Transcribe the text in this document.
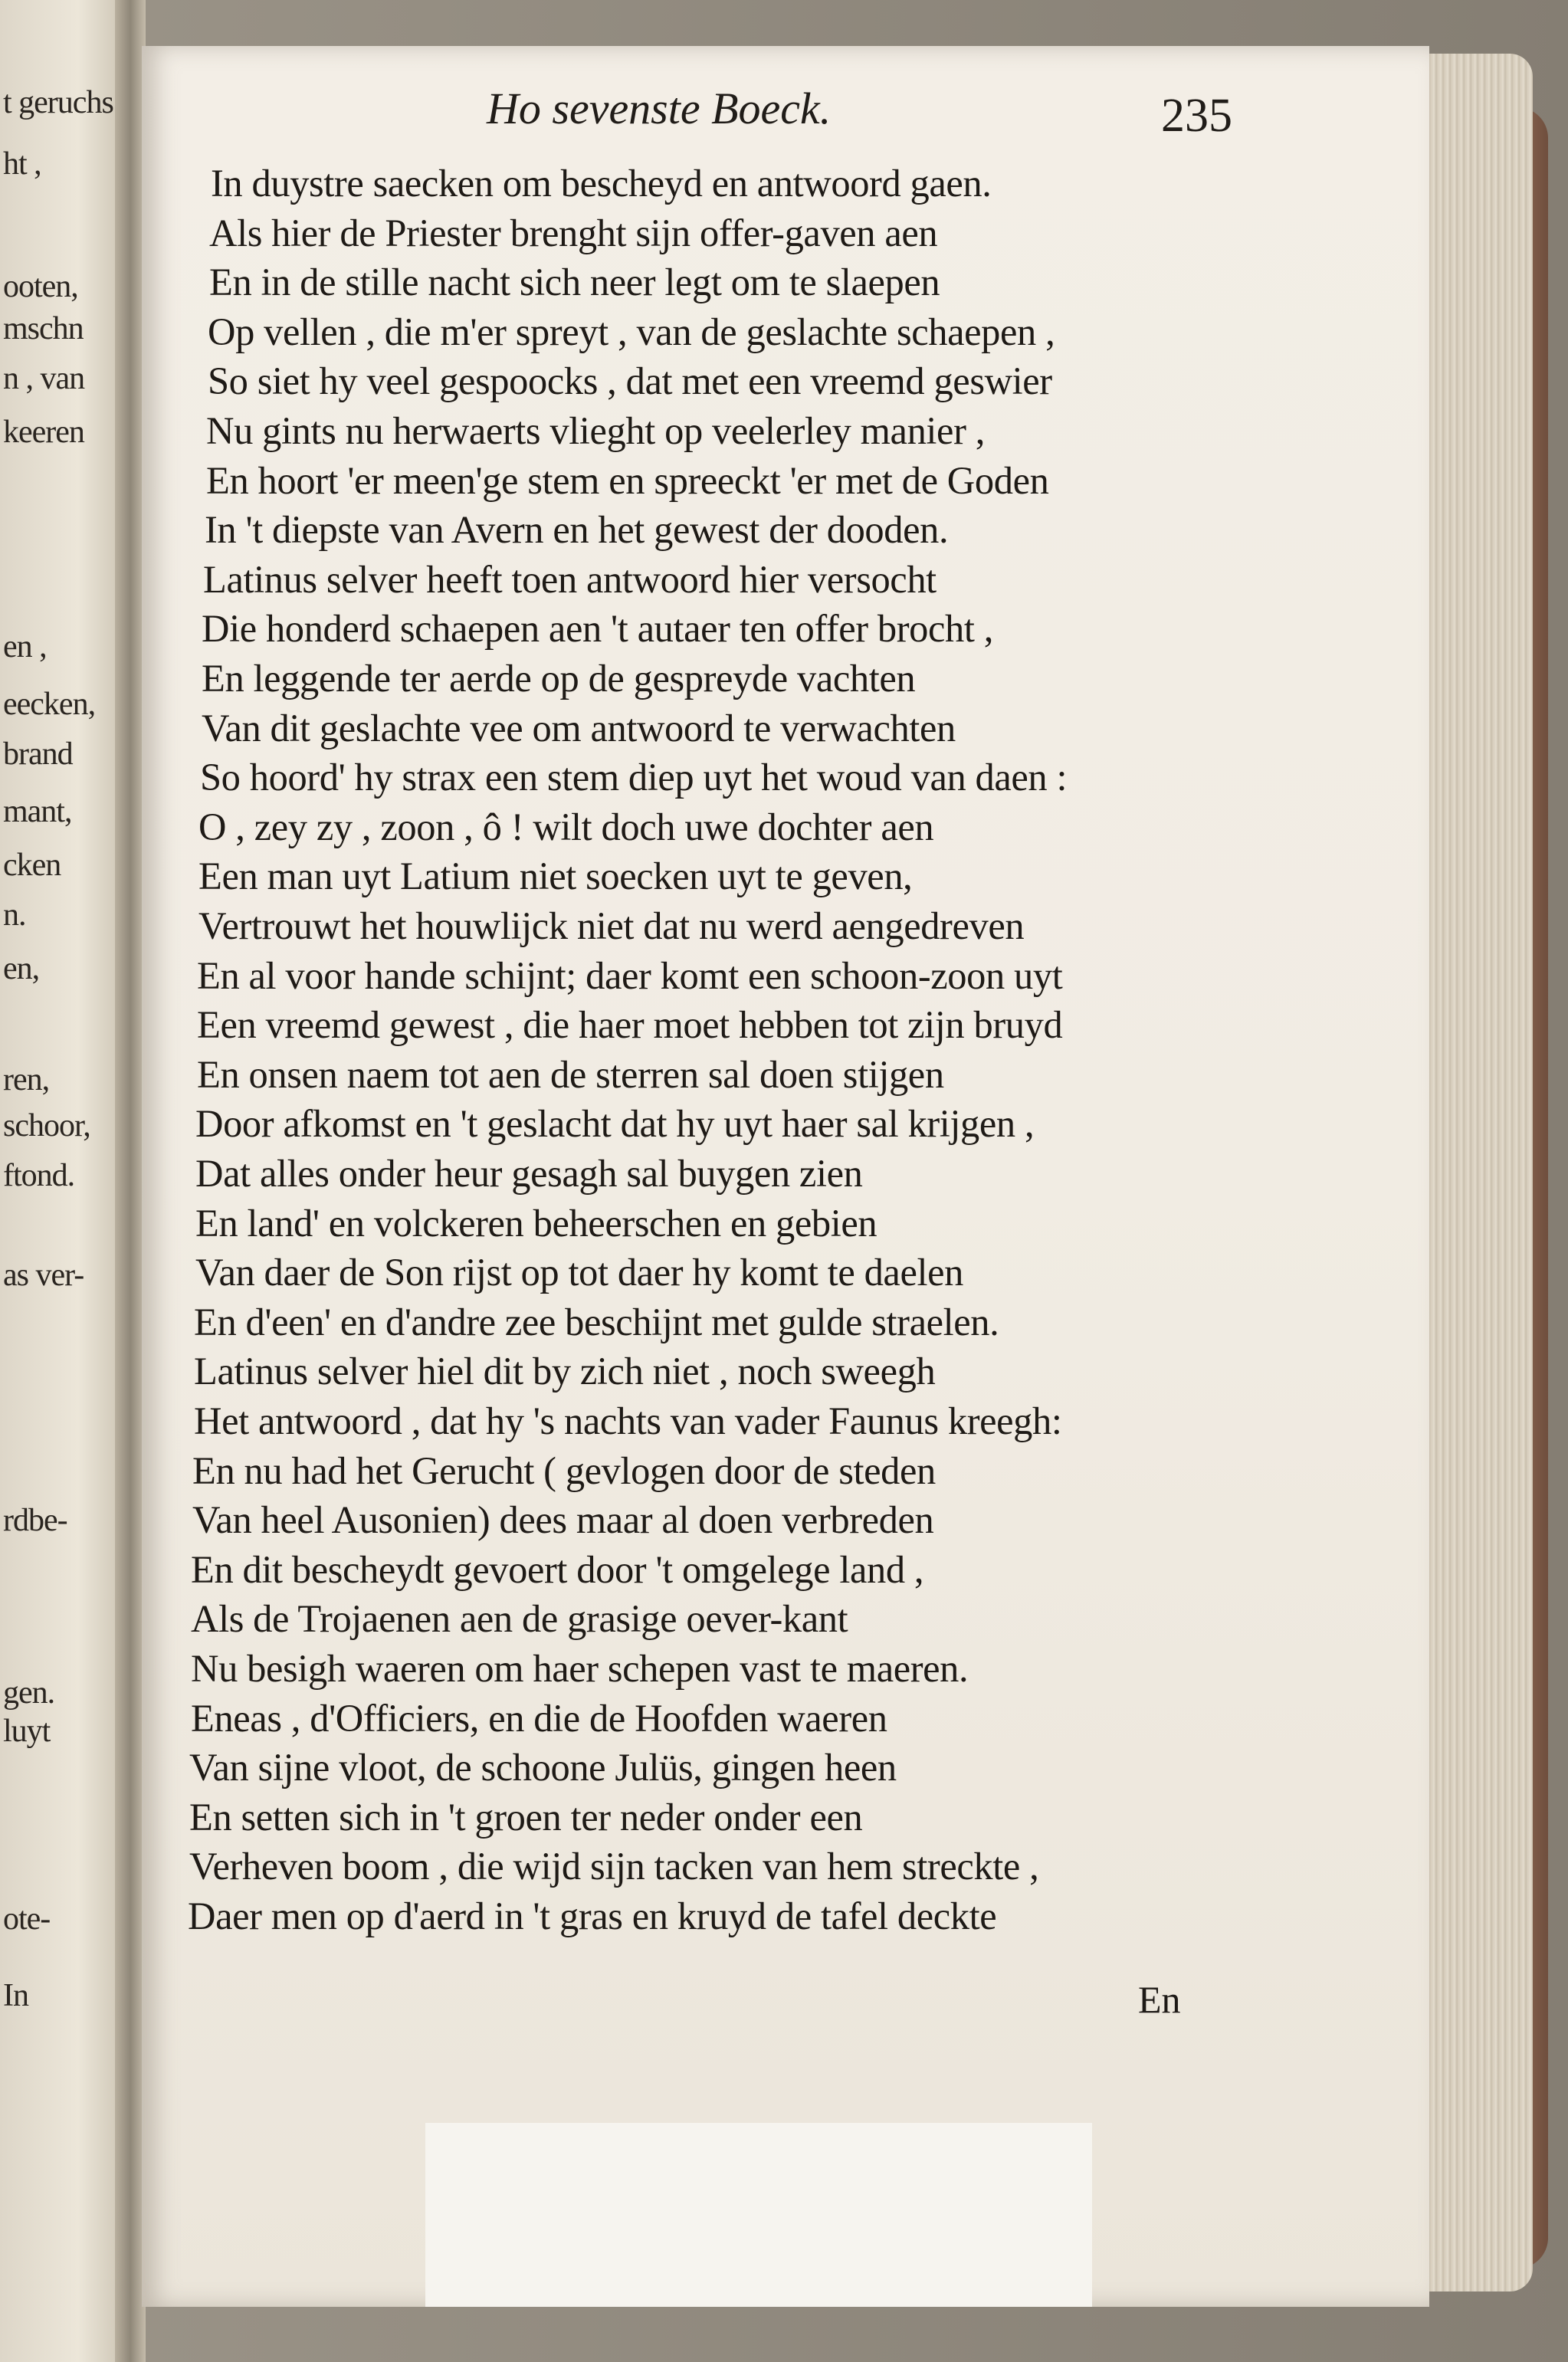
t geruchs
ht ,
ooten,
mschn
n , van
keeren
en ,
eecken,
brand
mant,
cken
n.
en,
ren,
schoor,
ftond.
as ver-
rdbe-
gen.
luyt
ote-
In
Ho sevenste Boeck.	235
In duystre saecken om bescheyd en antwoord gaen.
Als hier de Priester brenght sijn offer-gaven aen
En in de stille nacht sich neer legt om te slaepen
Op vellen , die m'er spreyt , van de geslachte schaepen ,
So siet hy veel gespoocks , dat met een vreemd geswier
Nu gints nu herwaerts vlieght op veelerley manier ,
En hoort 'er meen'ge stem en spreeckt 'er met de Goden
In 't diepste van Avern en het gewest der dooden.
Latinus selver heeft toen antwoord hier versocht
Die honderd schaepen aen 't autaer ten offer brocht ,
En leggende ter aerde op de gespreyde vachten
Van dit geslachte vee om antwoord te verwachten
So hoord' hy strax een stem diep uyt het woud van daen :
O , zey zy , zoon , ô ! wilt doch uwe dochter aen
Een man uyt Latium niet soecken uyt te geven,
Vertrouwt het houwlijck niet dat nu werd aengedreven
En al voor hande schijnt; daer komt een schoon-zoon uyt
Een vreemd gewest , die haer moet hebben tot zijn bruyd
En onsen naem tot aen de sterren sal doen stijgen
Door afkomst en 't geslacht dat hy uyt haer sal krijgen ,
Dat alles onder heur gesagh sal buygen zien
En land' en volckeren beheerschen en gebien
Van daer de Son rijst op tot daer hy komt te daelen
En d'een' en d'andre zee beschijnt met gulde straelen.
Latinus selver hiel dit by zich niet , noch sweegh
Het antwoord , dat hy 's nachts van vader Faunus kreegh:
En nu had het Gerucht ( gevlogen door de steden
Van heel Ausonien) dees maar al doen verbreden
En dit bescheydt gevoert door 't omgelege land ,
Als de Trojaenen aen de grasige oever-kant
Nu besigh waeren om haer schepen vast te maeren.
Eneas , d'Officiers, en die de Hoofden waeren
Van sijne vloot, de schoone Julüs, gingen heen
En setten sich in 't groen ter neder onder een
Verheven boom , die wijd sijn tacken van hem streckte ,
Daer men op d'aerd in 't gras en kruyd de tafel deckte
En
